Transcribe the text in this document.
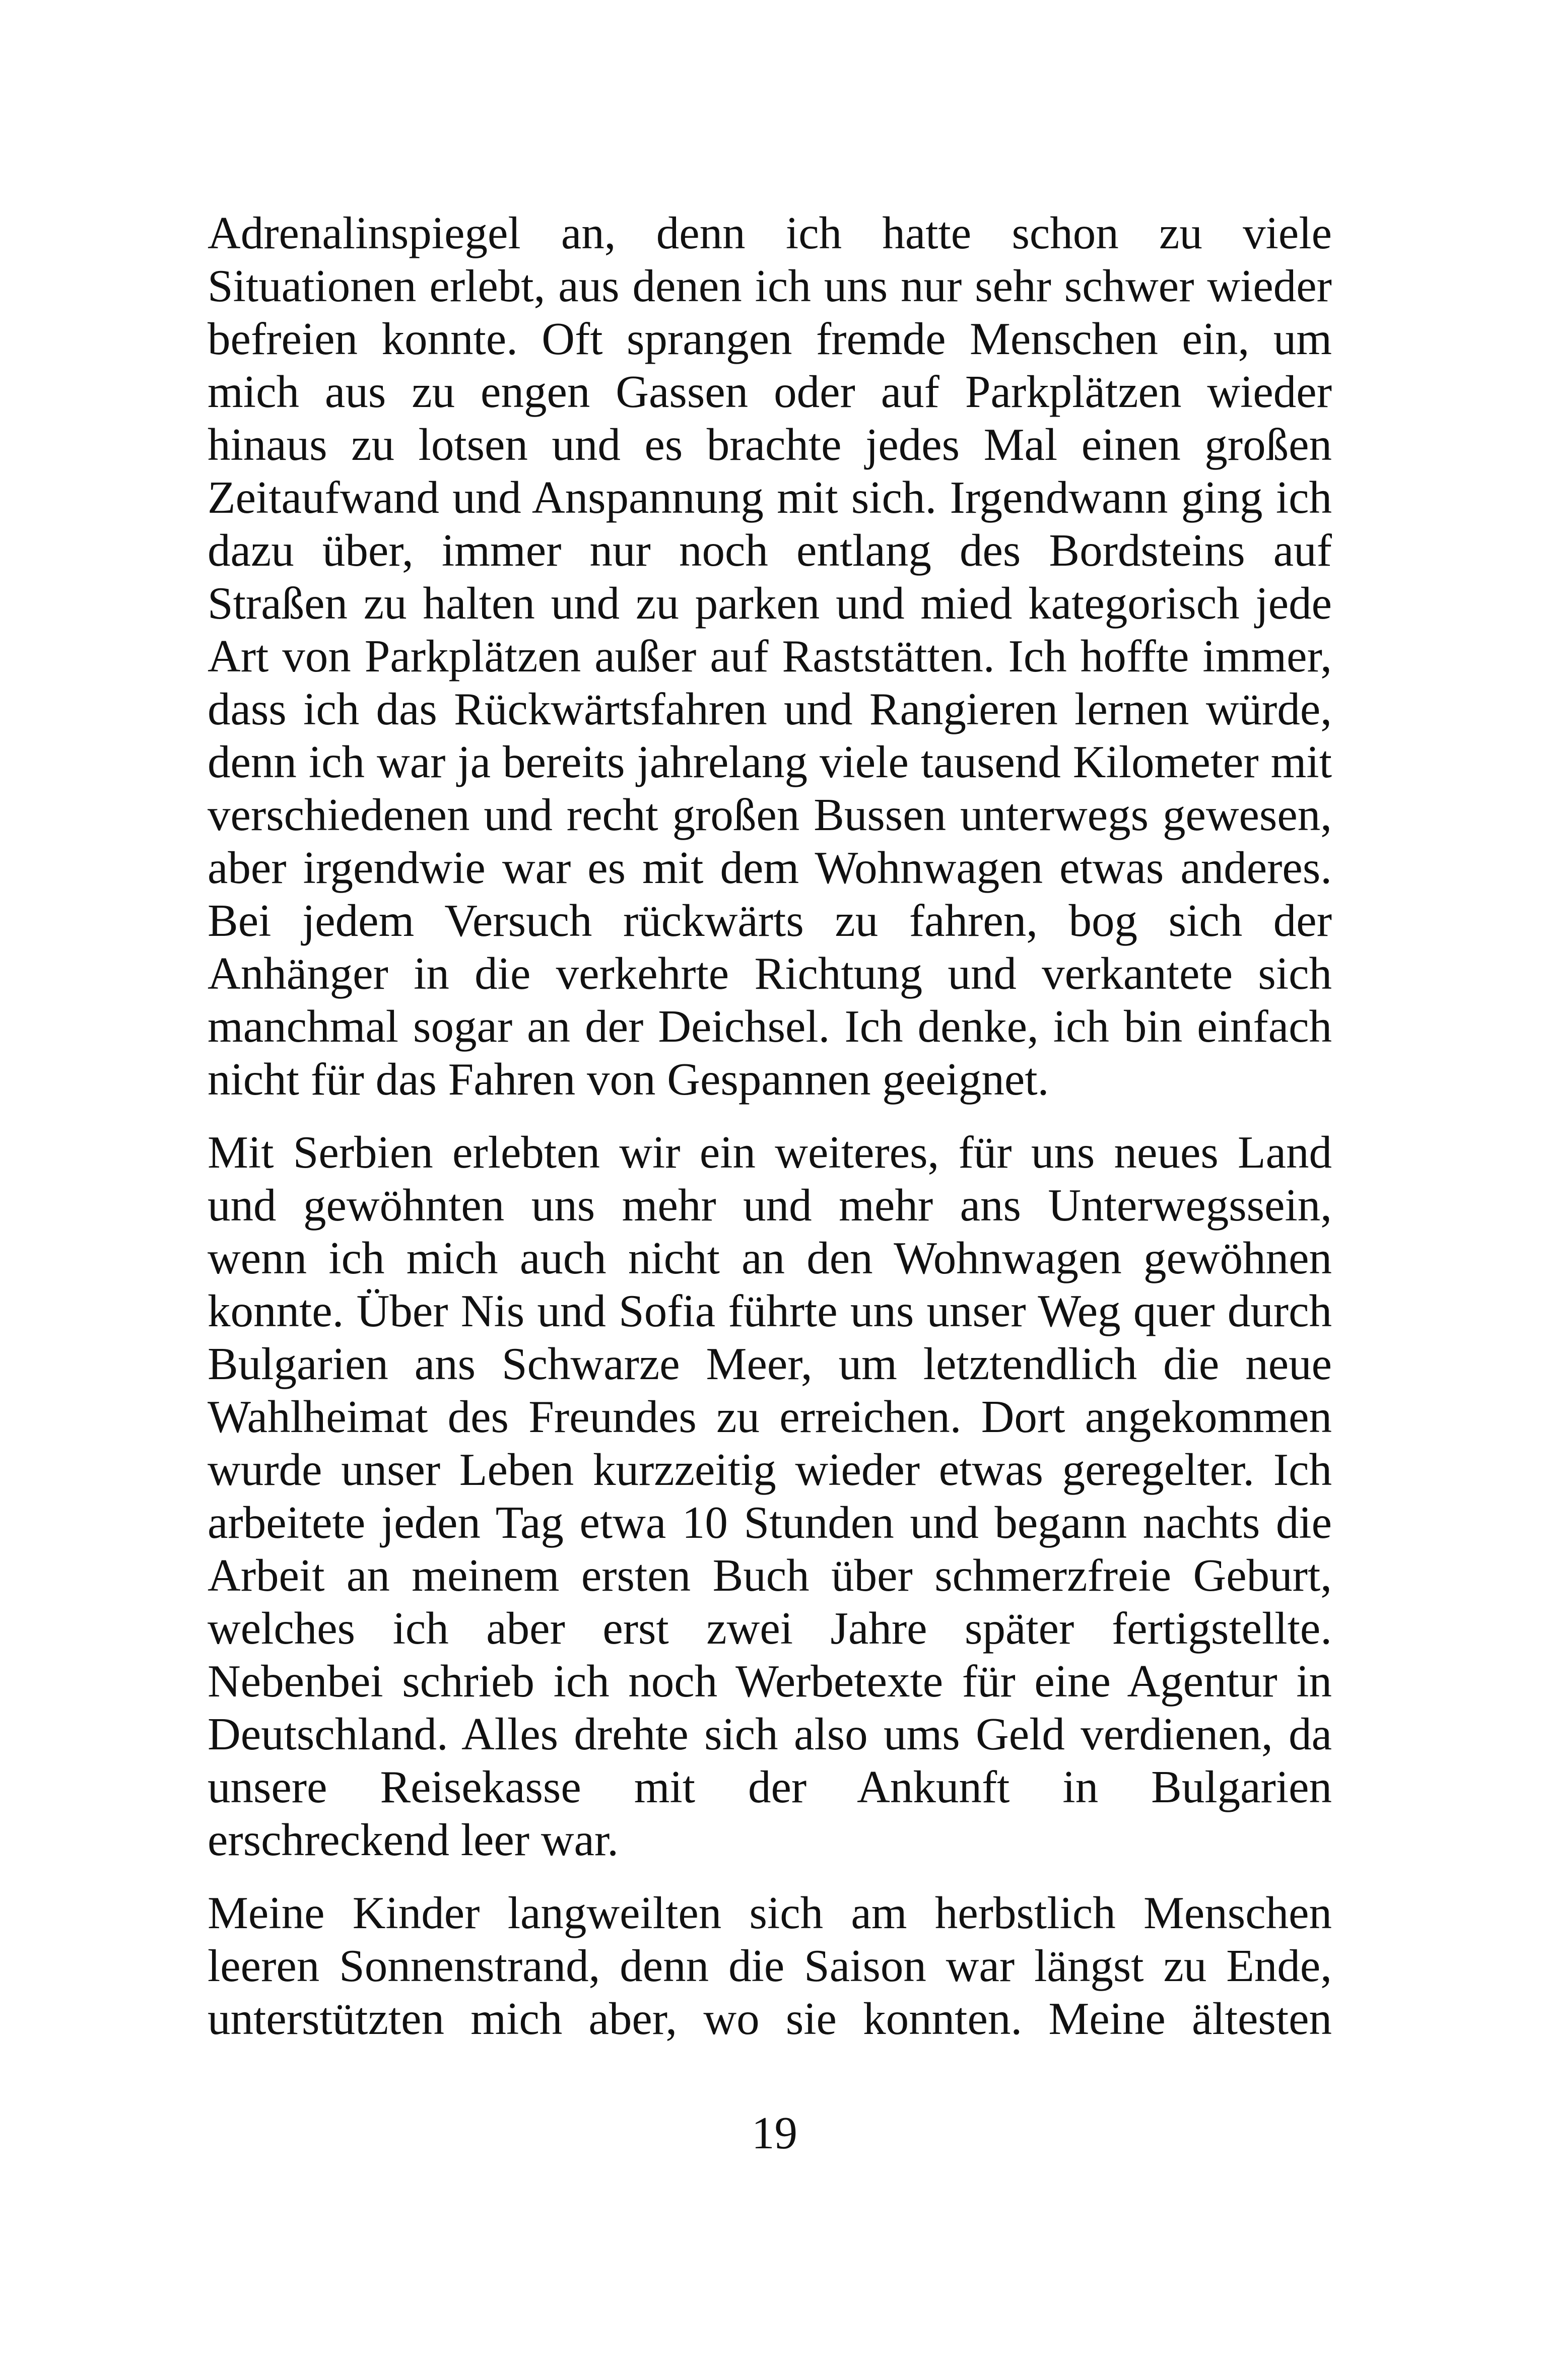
Adrenalinspiegel an, denn ich hatte schon zu viele
Situationen erlebt, aus denen ich uns nur sehr schwer wieder
befreien konnte. Oft sprangen fremde Menschen ein, um
mich aus zu engen Gassen oder auf Parkplätzen wieder
hinaus zu lotsen und es brachte jedes Mal einen großen
Zeitaufwand und Anspannung mit sich. Irgendwann ging ich
dazu über, immer nur noch entlang des Bordsteins auf
Straßen zu halten und zu parken und mied kategorisch jede
Art von Parkplätzen außer auf Raststätten. Ich hoffte immer,
dass ich das Rückwärtsfahren und Rangieren lernen würde,
denn ich war ja bereits jahrelang viele tausend Kilometer mit
verschiedenen und recht großen Bussen unterwegs gewesen,
aber irgendwie war es mit dem Wohnwagen etwas anderes.
Bei jedem Versuch rückwärts zu fahren, bog sich der
Anhänger in die verkehrte Richtung und verkantete sich
manchmal sogar an der Deichsel. Ich denke, ich bin einfach
nicht für das Fahren von Gespannen geeignet.

Mit Serbien erlebten wir ein weiteres, für uns neues Land
und gewöhnten uns mehr und mehr ans Unterwegssein,
wenn ich mich auch nicht an den Wohnwagen gewöhnen
konnte. Über Nis und Sofia führte uns unser Weg quer durch
Bulgarien ans Schwarze Meer, um letztendlich die neue
Wahlheimat des Freundes zu erreichen. Dort angekommen
wurde unser Leben kurzzeitig wieder etwas geregelter. Ich
arbeitete jeden Tag etwa 10 Stunden und begann nachts die
Arbeit an meinem ersten Buch über schmerzfreie Geburt,
welches ich aber erst zwei Jahre später fertigstellte.
Nebenbei schrieb ich noch Werbetexte für eine Agentur in
Deutschland. Alles drehte sich also ums Geld verdienen, da
unsere Reisekasse mit der Ankunft in Bulgarien
erschreckend leer war.

Meine Kinder langweilten sich am herbstlich Menschen
leeren Sonnenstrand, denn die Saison war längst zu Ende,
unterstützten mich aber, wo sie konnten. Meine ältesten

19
